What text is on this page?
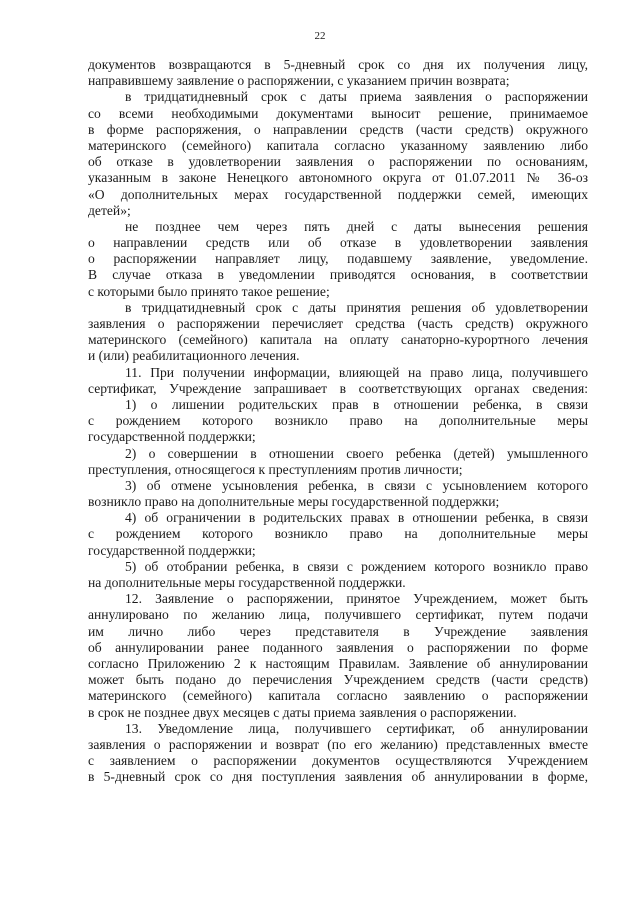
22
документов возвращаются в 5-дневный срок со дня их получения лицу,
направившему заявление о распоряжении, с указанием причин возврата;
в тридцатидневный срок с даты приема заявления о распоряжении
со всеми необходимыми документами выносит решение, принимаемое
в форме распоряжения, о направлении средств (части средств) окружного
материнского (семейного) капитала согласно указанному заявлению либо
об отказе в удовлетворении заявления о распоряжении по основаниям,
указанным в законе Ненецкого автономного округа от 01.07.2011 № 36-оз
«О дополнительных мерах государственной поддержки семей, имеющих
детей»;
не позднее чем через пять дней с даты вынесения решения
о направлении средств или об отказе в удовлетворении заявления
о распоряжении направляет лицу, подавшему заявление, уведомление.
В случае отказа в уведомлении приводятся основания, в соответствии
с которыми было принято такое решение;
в тридцатидневный срок с даты принятия решения об удовлетворении
заявления о распоряжении перечисляет средства (часть средств) окружного
материнского (семейного) капитала на оплату санаторно-курортного лечения
и (или) реабилитационного лечения.
11. При получении информации, влияющей на право лица, получившего
сертификат, Учреждение запрашивает в соответствующих органах сведения:
1) о лишении родительских прав в отношении ребенка, в связи
с рождением которого возникло право на дополнительные меры
государственной поддержки;
2) о совершении в отношении своего ребенка (детей) умышленного
преступления, относящегося к преступлениям против личности;
3) об отмене усыновления ребенка, в связи с усыновлением которого
возникло право на дополнительные меры государственной поддержки;
4) об ограничении в родительских правах в отношении ребенка, в связи
с рождением которого возникло право на дополнительные меры
государственной поддержки;
5) об отобрании ребенка, в связи с рождением которого возникло право
на дополнительные меры государственной поддержки.
12. Заявление о распоряжении, принятое Учреждением, может быть
аннулировано по желанию лица, получившего сертификат, путем подачи
им лично либо через представителя в Учреждение заявления
об аннулировании ранее поданного заявления о распоряжении по форме
согласно Приложению 2 к настоящим Правилам. Заявление об аннулировании
может быть подано до перечисления Учреждением средств (части средств)
материнского (семейного) капитала согласно заявлению о распоряжении
в срок не позднее двух месяцев с даты приема заявления о распоряжении.
13. Уведомление лица, получившего сертификат, об аннулировании
заявления о распоряжении и возврат (по его желанию) представленных вместе
с заявлением о распоряжении документов осуществляются Учреждением
в 5-дневный срок со дня поступления заявления об аннулировании в форме,
